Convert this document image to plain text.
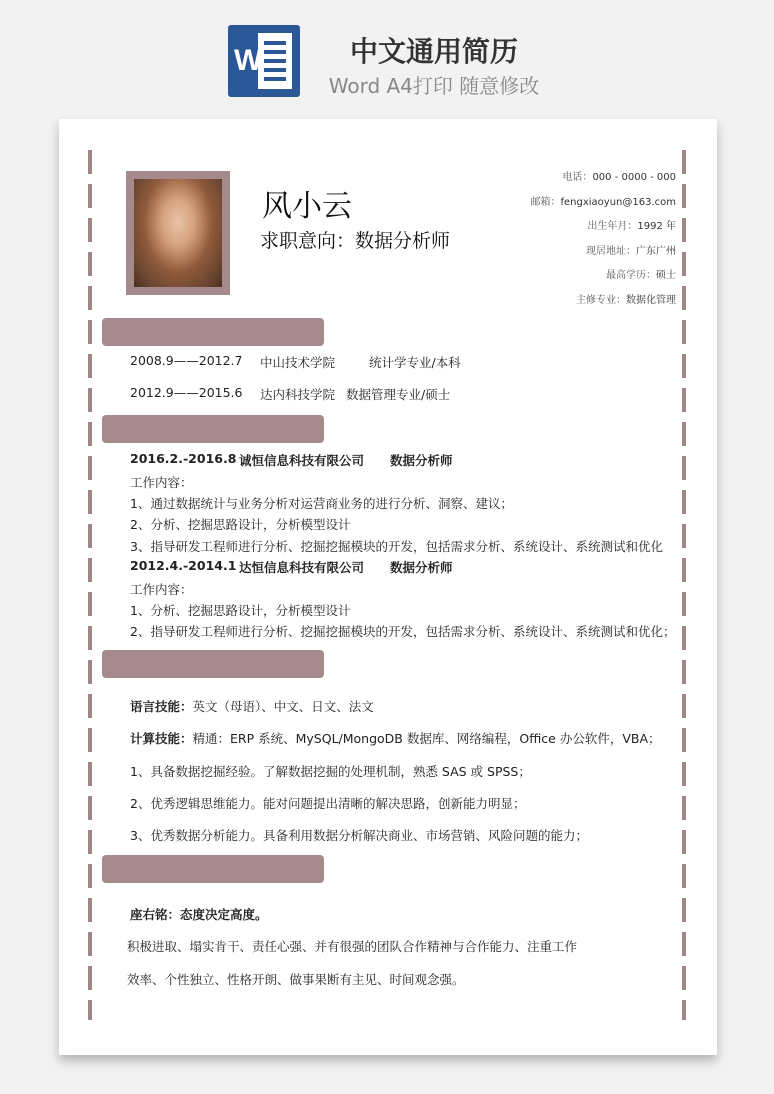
W	中文通用简历
Word A4打印 随意修改
风小云
求职意向：数据分析师
电话：000 - 0000 - 000
邮箱：fengxiaoyun@163.com
出生年月：1992 年
现居地址：广东广州
最高学历：硕士
主修专业：数据化管理
2008.9——2012.7 中山技术学院	统计学专业/本科
2012.9——2015.6 达内科技学院 数据管理专业/硕士
2016.2.-2016.8 诚恒信息科技有限公司 数据分析师
工作内容：
1、通过数据统计与业务分析对运营商业务的进行分析、洞察、建议；
2、分析、挖掘思路设计，分析模型设计
3、指导研发工程师进行分析、挖掘挖掘模块的开发，包括需求分析、系统设计、系统测试和优化
2012.4.-2014.1 达恒信息科技有限公司 数据分析师
工作内容：
1、分析、挖掘思路设计，分析模型设计
2、指导研发工程师进行分析、挖掘挖掘模块的开发，包括需求分析、系统设计、系统测试和优化；
语言技能：英文（母语）、中文、日文、法文
计算技能：精通：ERP 系统、MySQL/MongoDB 数据库、网络编程，Office 办公软件，VBA；
1、具备数据挖掘经验。了解数据挖掘的处理机制，熟悉 SAS 或 SPSS；
2、优秀逻辑思维能力。能对问题提出清晰的解决思路，创新能力明显；
3、优秀数据分析能力。具备利用数据分析解决商业、市场营销、风险问题的能力；
座右铭：态度决定高度。
积极进取、塌实肯干、责任心强、并有很强的团队合作精神与合作能力、注重工作
效率、个性独立、性格开朗、做事果断有主见、时间观念强。
